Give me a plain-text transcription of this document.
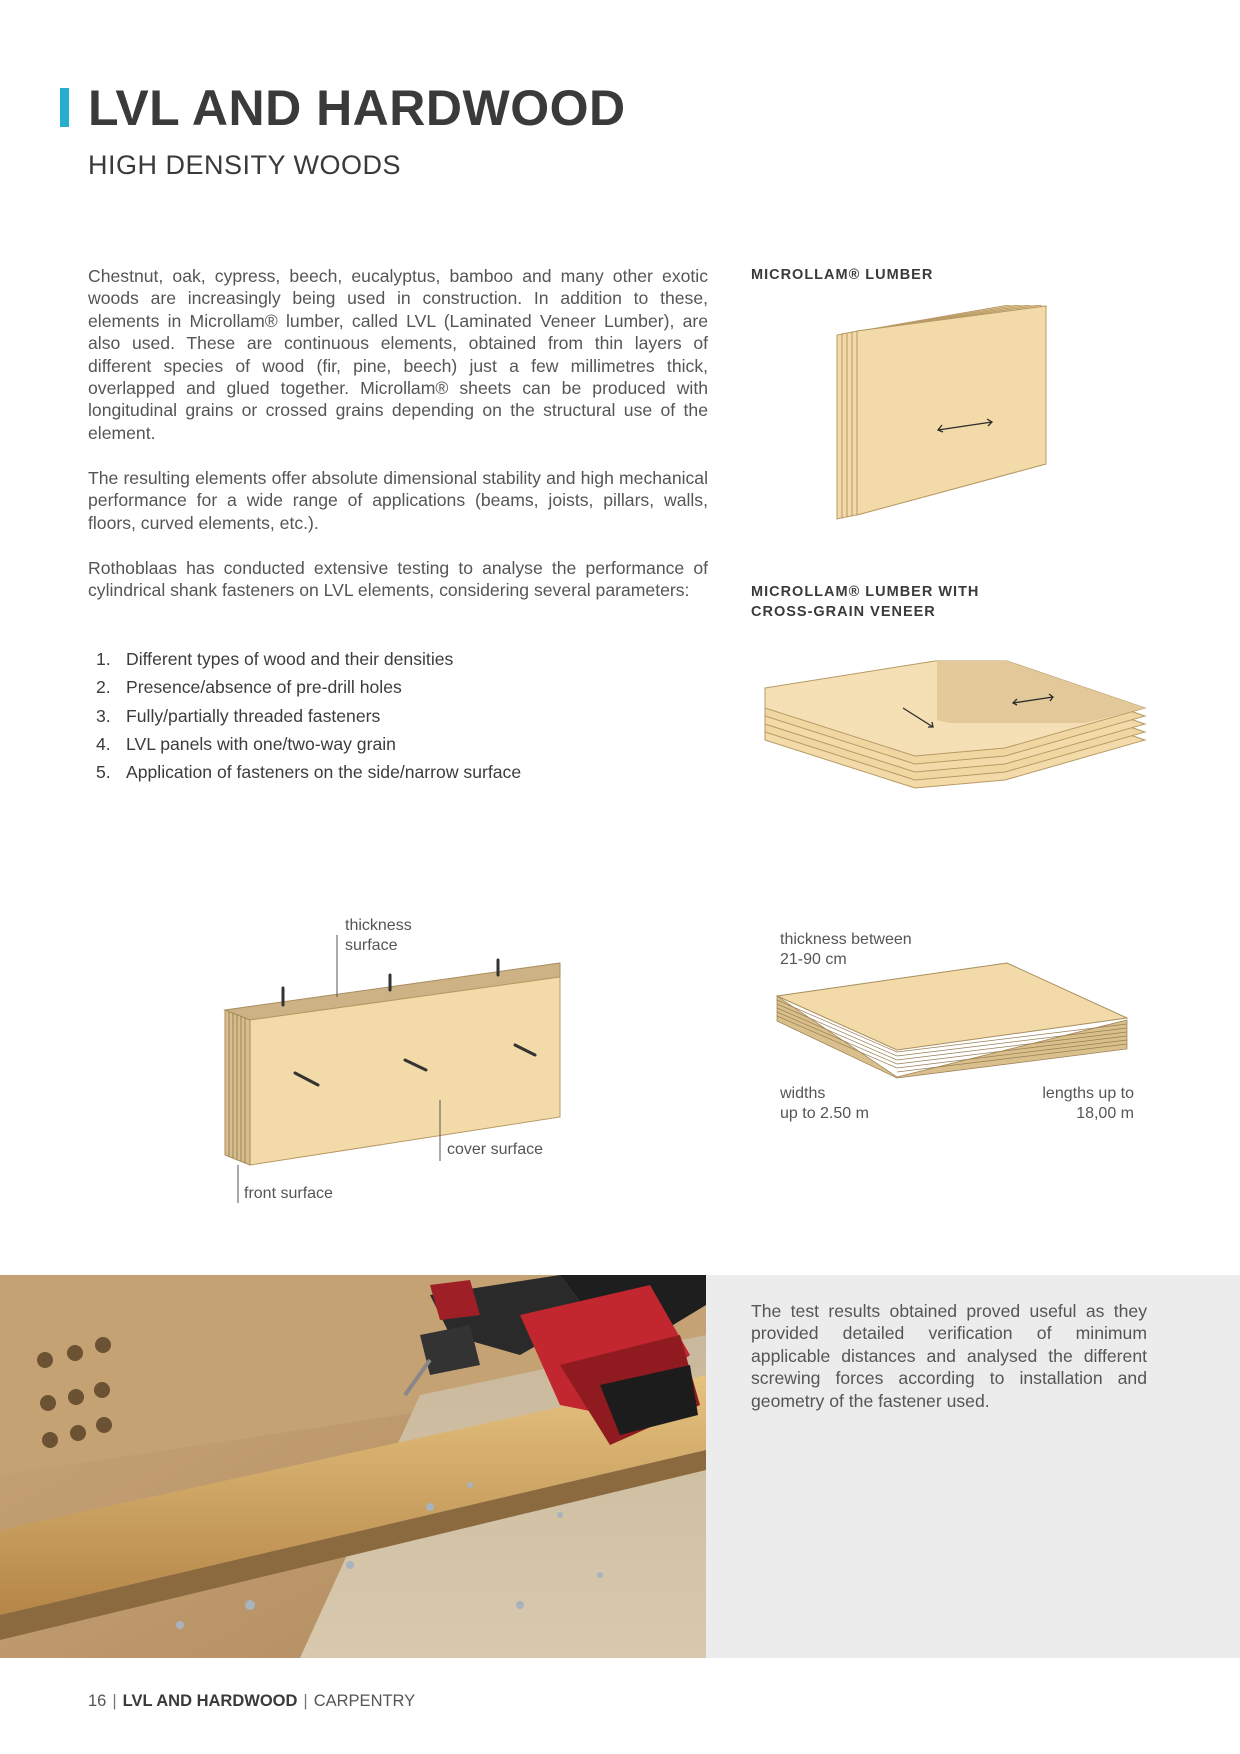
LVL AND HARDWOOD
HIGH DENSITY WOODS

Chestnut, oak, cypress, beech, eucalyptus, bamboo and many other exotic woods are increasingly being used in construction. In addition to these, elements in Microllam® lumber, called LVL (Laminated Veneer Lumber), are also used. These are continuous elements, obtained from thin layers of different species of wood (fir, pine, beech) just a few millimetres thick, overlapped and glued together. Microllam® sheets can be produced with longitudinal grains or crossed grains depending on the structural use of the element.

The resulting elements offer absolute dimensional stability and high mechanical performance for a wide range of applications (beams, joists, pillars, walls, floors, curved elements, etc.).

Rothoblaas has conducted extensive testing to analyse the performance of cylindrical shank fasteners on LVL elements, considering several parameters:

1. Different types of wood and their densities
2. Presence/absence of pre-drill holes
3. Fully/partially threaded fasteners
4. LVL panels with one/two-way grain
5. Application of fasteners on the side/narrow surface

MICROLLAM® LUMBER

MICROLLAM® LUMBER WITH

CROSS-GRAIN VENEER

thickness

surface

cover surface

front surface

thickness between

21-90 cm

widths

up to 2.50 m

lengths up to

18,00 m

The test results obtained proved useful as they provided detailed verification of minimum applicable distances and analysed the different screwing forces according to installation and geometry of the fastener used.

16 | LVL AND HARDWOOD | CARPENTRY
